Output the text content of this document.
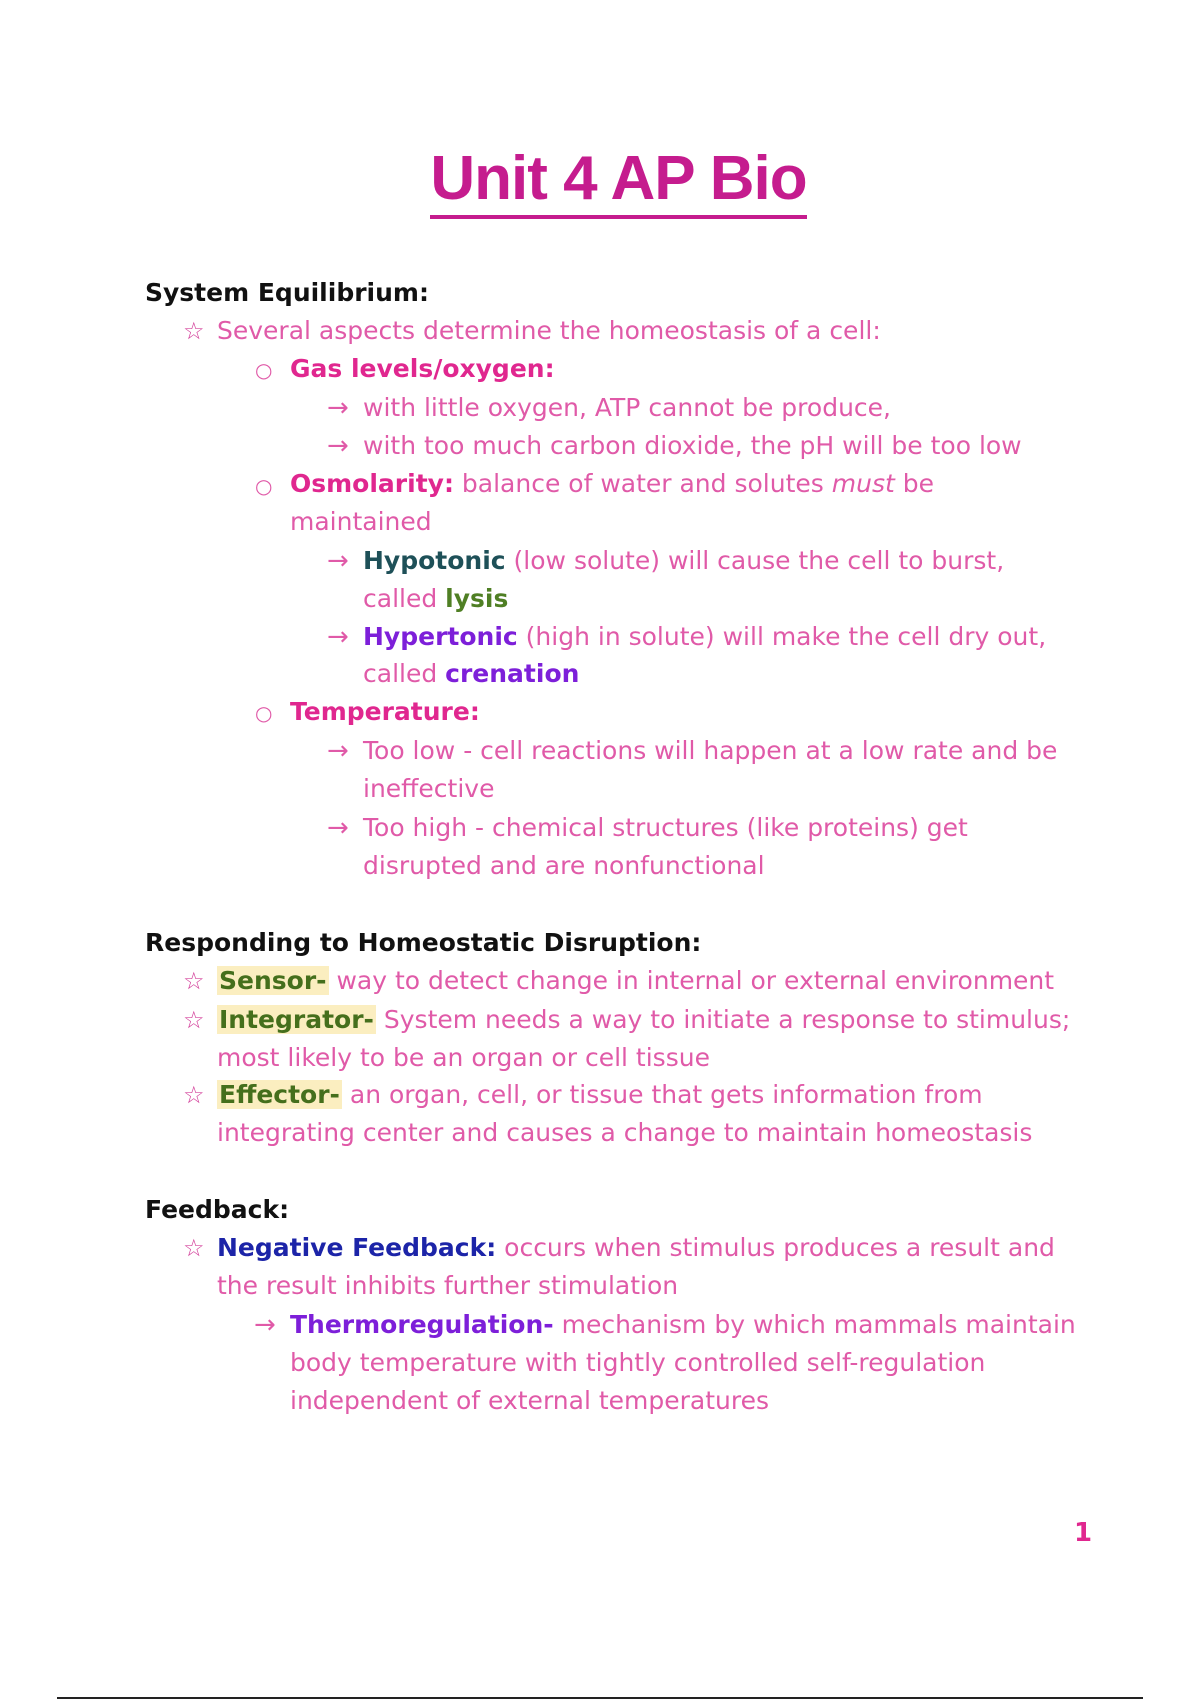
Unit 4 AP Bio

System Equilibrium:

☆ Several aspects determine the homeostasis of a cell:

○ Gas levels/oxygen:

→ with little oxygen, ATP cannot be produce,

→ with too much carbon dioxide, the pH will be too low

○ Osmolarity: balance of water and solutes must be

maintained

→ Hypotonic (low solute) will cause the cell to burst,

called lysis

→ Hypertonic (high in solute) will make the cell dry out,

called crenation

○ Temperature:

→ Too low - cell reactions will happen at a low rate and be

ineffective

→ Too high - chemical structures (like proteins) get

disrupted and are nonfunctional

Responding to Homeostatic Disruption:

☆ Sensor- way to detect change in internal or external environment

☆ Integrator- System needs a way to initiate a response to stimulus;

most likely to be an organ or cell tissue

☆ Effector- an organ, cell, or tissue that gets information from

integrating center and causes a change to maintain homeostasis

Feedback:

☆ Negative Feedback: occurs when stimulus produces a result and

the result inhibits further stimulation

→ Thermoregulation- mechanism by which mammals maintain

body temperature with tightly controlled self-regulation

independent of external temperatures

1
